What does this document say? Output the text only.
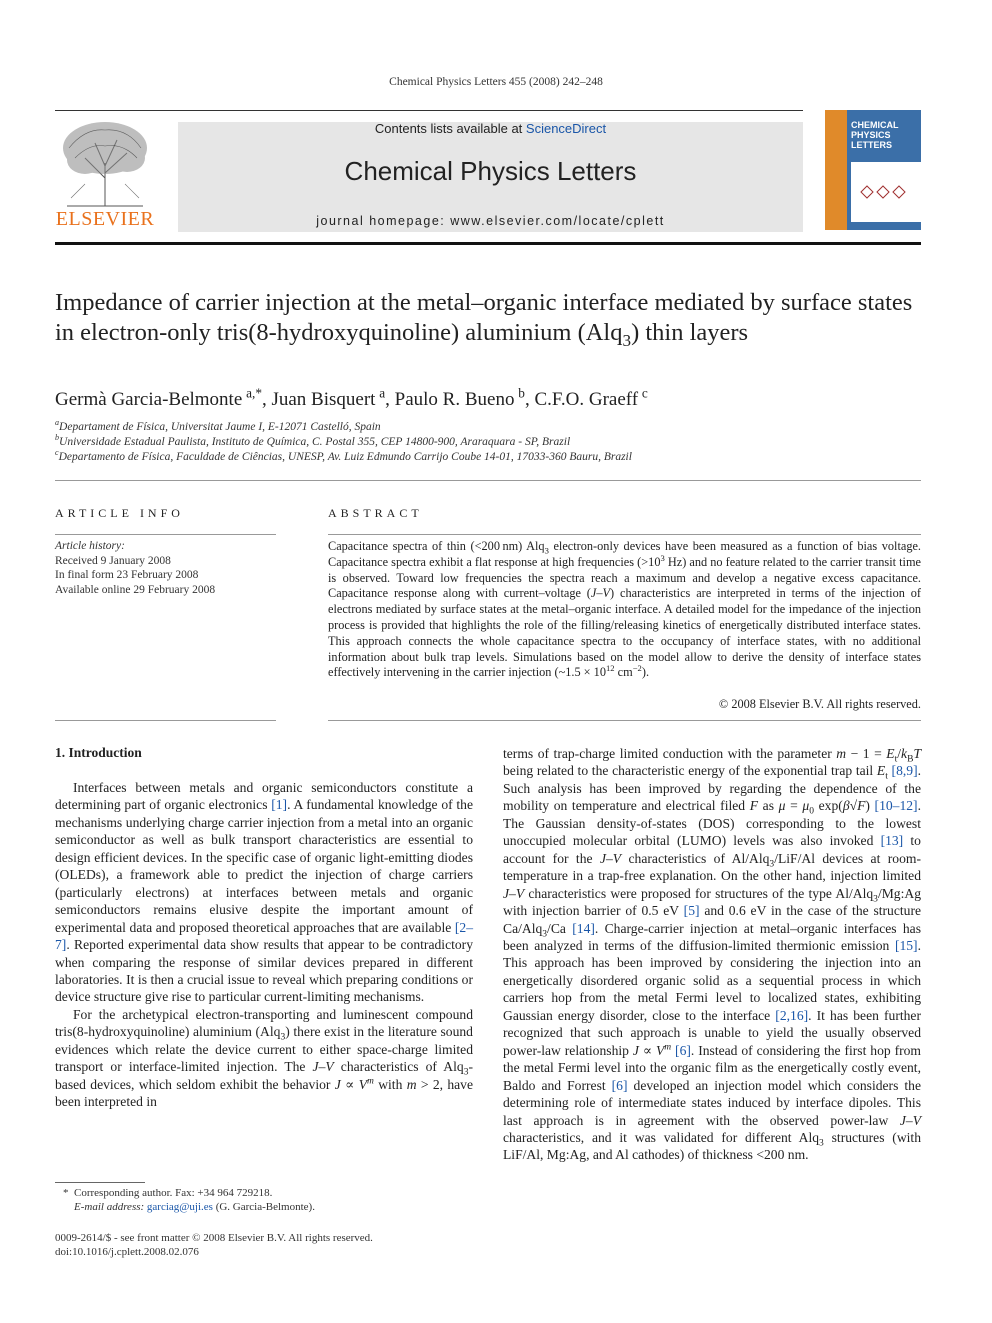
Chemical Physics Letters 455 (2008) 242–248
ELSEVIER
Contents lists available at ScienceDirect
Chemical Physics Letters
journal homepage: www.elsevier.com/locate/cplett
CHEMICAL PHYSICS LETTERS
Impedance of carrier injection at the metal–organic interface mediated by surface states in electron-only tris(8-hydroxyquinoline) aluminium (Alq$_3$) thin layers
Germà Garcia-Belmonte  $^{a,*}$, Juan Bisquert  $^a$, Paulo R. Bueno  $^b$, C.F.O. Graeff  $^c$
$^a$Departament de Física, Universitat Jaume I, E-12071 Castelló, Spain
$^b$Universidade Estadual Paulista, Instituto de Química, C. Postal 355, CEP 14800-900, Araraquara - SP, Brazil
$^c$Departamento de Física, Faculdade de Ciências, UNESP, Av. Luiz Edmundo Carrijo Coube 14-01, 17033-360 Bauru, Brazil
ARTICLE INFO
Article history:
Received 9 January 2008
In final form 23 February 2008
Available online 29 February 2008
ABSTRACT
Capacitance spectra of thin (<200 nm) Alq$_3$ electron-only devices have been measured as a function of bias voltage. Capacitance spectra exhibit a flat response at high frequencies ($>10^3$ Hz) and no feature related to the carrier transit time is observed. Toward low frequencies the spectra reach a maximum and develop a negative excess capacitance. Capacitance response along with current–voltage (J–V) characteristics are interpreted in terms of the injection of electrons mediated by surface states at the metal–organic interface. A detailed model for the impedance of the injection process is provided that highlights the role of the filling/releasing kinetics of energetically distributed interface states. This approach connects the whole capacitance spectra to the occupancy of interface states, with no additional information about bulk trap levels. Simulations based on the model allow to derive the density of interface states effectively intervening in the carrier injection (~1.5 × $10^{12}$ $cm^{-2}$).
© 2008 Elsevier B.V. All rights reserved.
1. Introduction

Interfaces between metals and organic semiconductors constitute a determining part of organic electronics [1]. A fundamental knowledge of the mechanisms underlying charge carrier injection from a metal into an organic semiconductor as well as bulk transport characteristics are essential to design efficient devices. In the specific case of organic light-emitting diodes (OLEDs), a framework able to predict the injection of charge carriers (particularly electrons) at interfaces between metals and organic semiconductors remains elusive despite the important amount of experimental data and proposed theoretical approaches that are available [2–7]. Reported experimental data show results that appear to be contradictory when comparing the response of similar devices prepared in different laboratories. It is then a crucial issue to reveal which preparing conditions or device structure give rise to particular current-limiting mechanisms.

For the archetypical electron-transporting and luminescent compound tris(8-hydroxyquinoline) aluminium (Alq$_3$) there exist in the literature sound evidences which relate the device current to either space-charge limited transport or interface-limited injection. The J–V characteristics of Alq$_3$-based devices, which seldom exhibit the behavior $J \propto V^m$ with m > 2, have been interpreted in

terms of trap-charge limited conduction with the parameter $m - 1 = E_t/k_BT$ being related to the characteristic energy of the exponential trap tail $E_t$ [8,9]. Such analysis has been improved by regarding the dependence of the mobility on temperature and electrical filed F as $\mu = \mu_0$ exp(β√F) [10–12]. The Gaussian density-of-states (DOS) corresponding to the lowest unoccupied molecular orbital (LUMO) levels was also invoked [13] to account for the J–V characteristics of Al/Alq$_3$/LiF/Al devices at room-temperature in a trap-free explanation. On the other hand, injection limited J–V characteristics were proposed for structures of the type Al/Alq$_3$/Mg:Ag with injection barrier of 0.5 eV [5] and 0.6 eV in the case of the structure Ca/Alq$_3$/Ca [14]. Charge-carrier injection at metal–organic interfaces has been analyzed in terms of the diffusion-limited thermionic emission [15]. This approach has been improved by considering the injection into an energetically disordered organic solid as a sequential process in which carriers hop from the metal Fermi level to localized states, exhibiting Gaussian energy disorder, close to the interface [2,16]. It has been further recognized that such approach is unable to yield the usually observed power-law relationship $J \propto V^m$ [6]. Instead of considering the first hop from the metal Fermi level into the organic film as the energetically costly event, Baldo and Forrest [6] developed an injection model which considers the determining role of intermediate states induced by interface dipoles. This last approach is in agreement with the observed power-law J–V characteristics, and it was validated for different Alq$_3$ structures (with LiF/Al, Mg:Ag, and Al cathodes) of thickness <200 nm.

*  Corresponding author. Fax: +34 964 729218.
E-mail address: garciag@uji.es (G. Garcia-Belmonte).
0009-2614/$ - see front matter © 2008 Elsevier B.V. All rights reserved.
doi:10.1016/j.cplett.2008.02.076
